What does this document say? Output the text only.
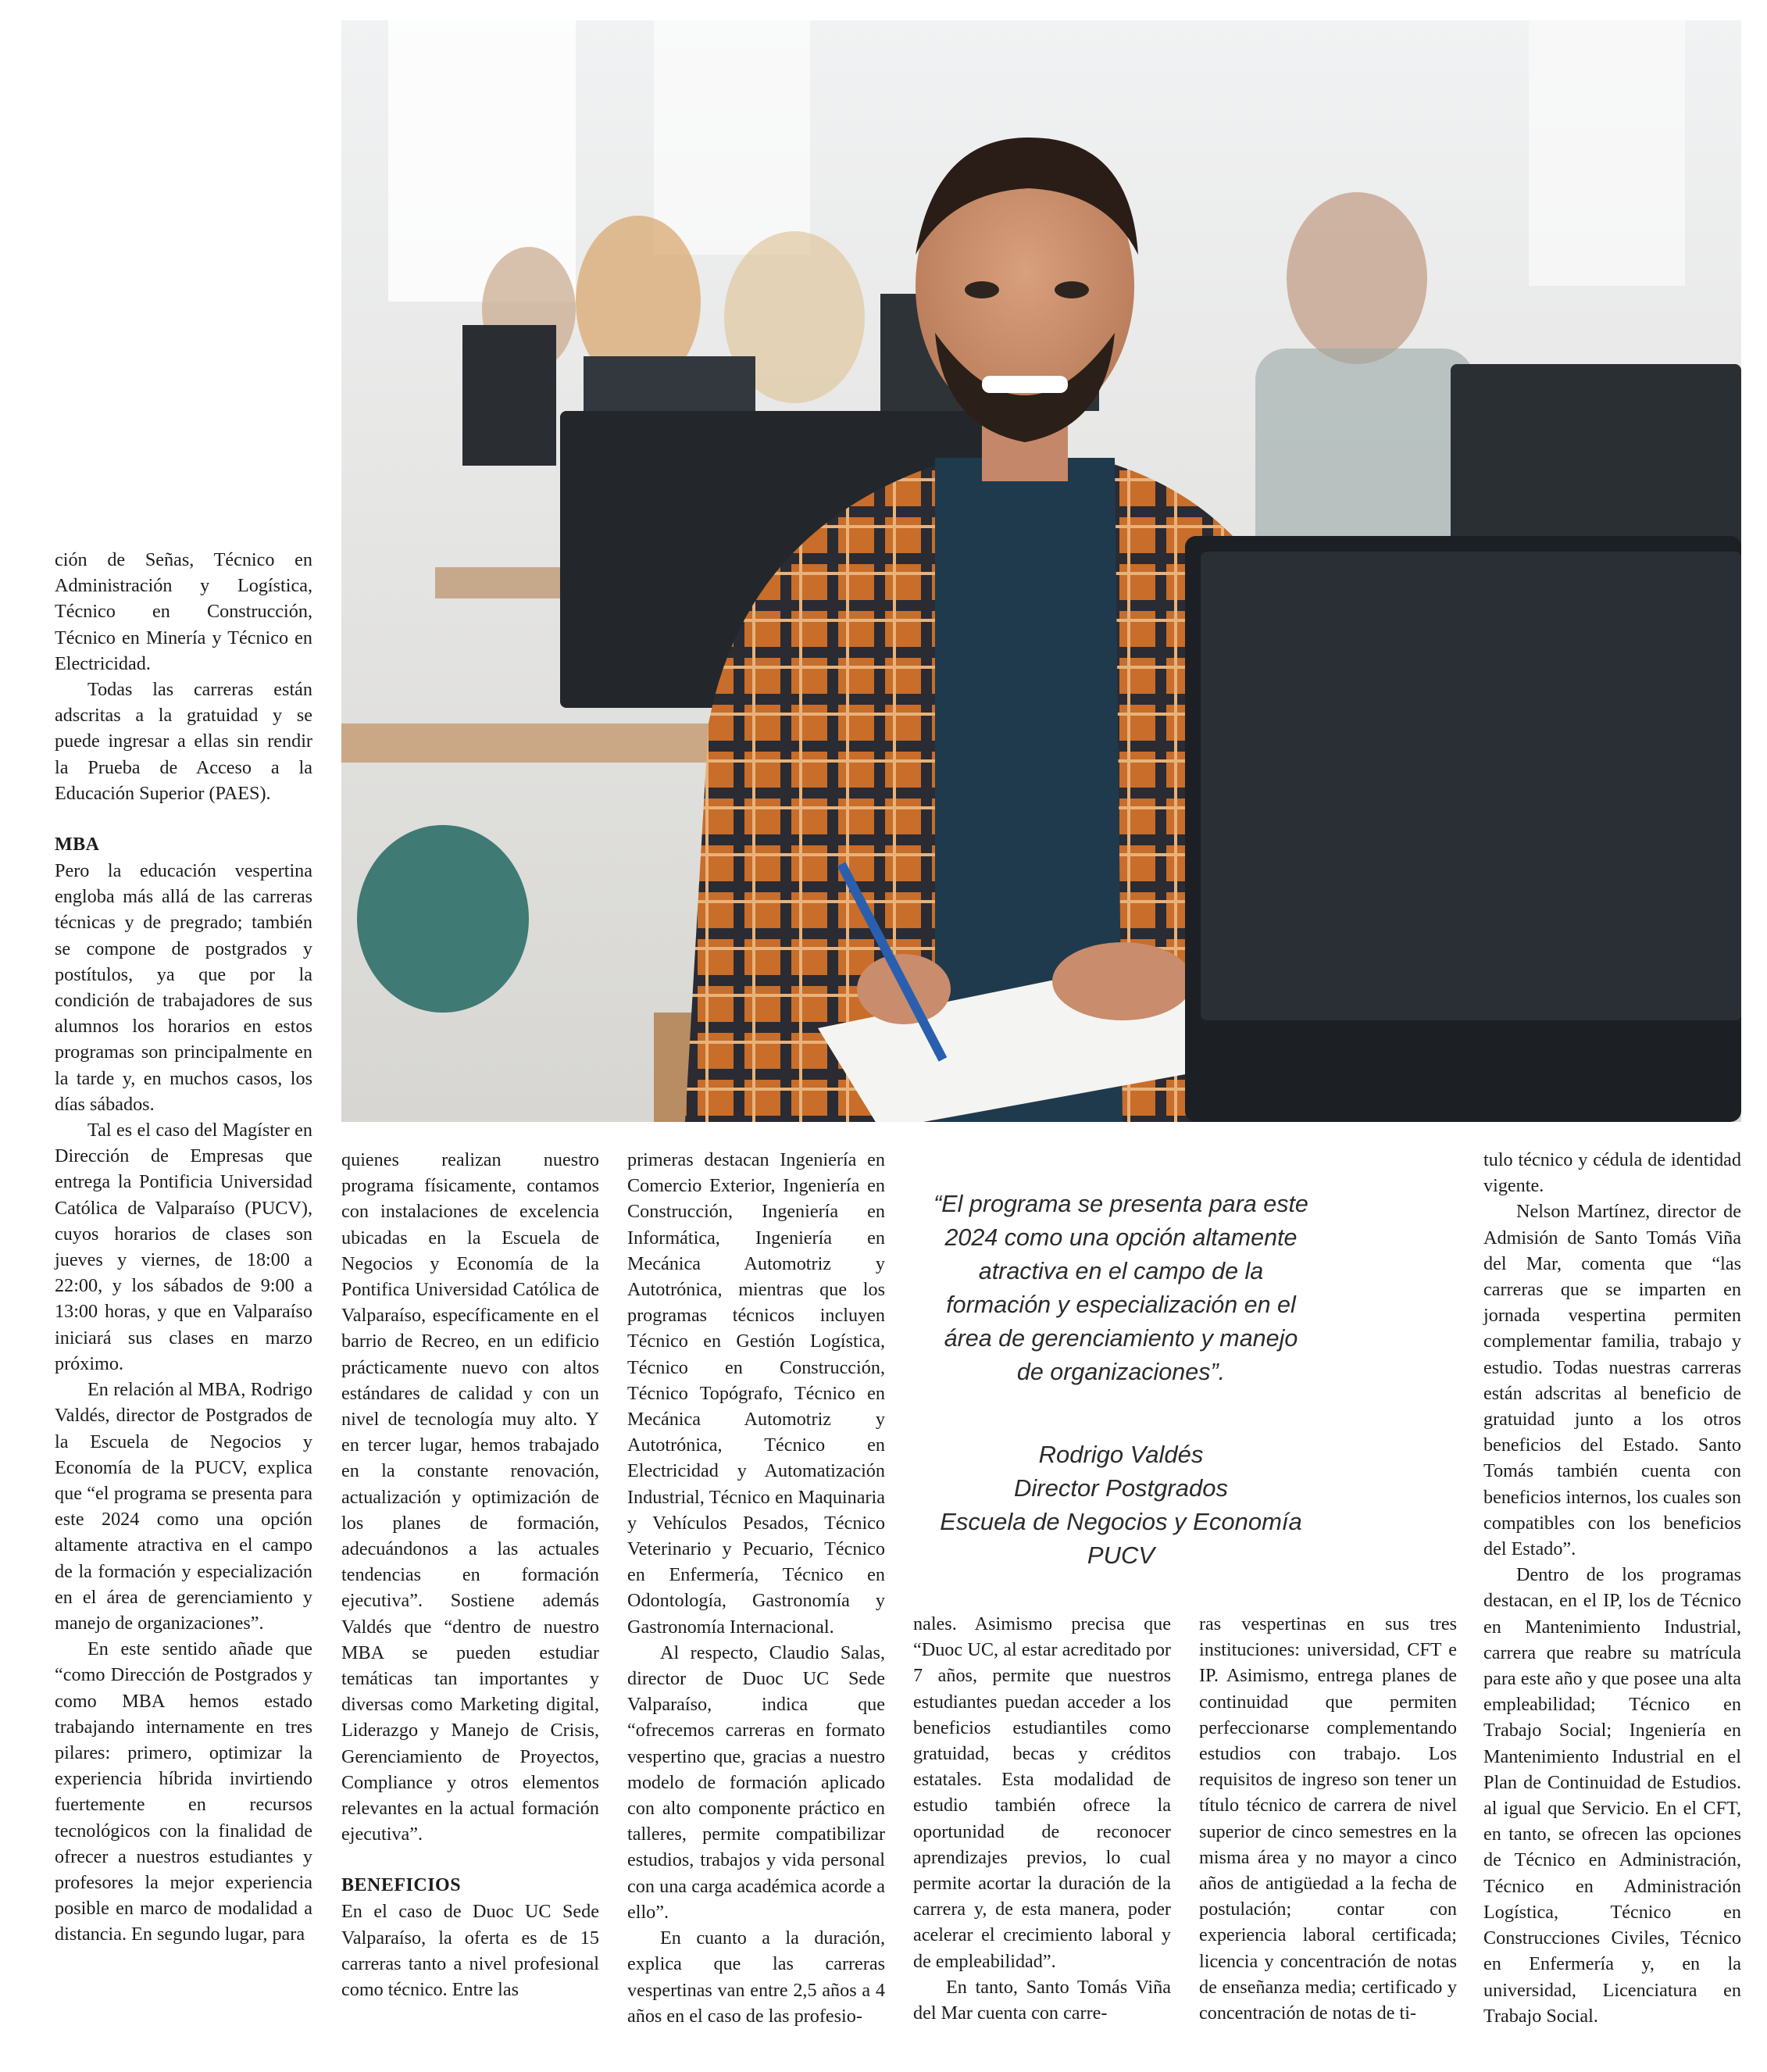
ción de Señas, Técnico en Administración y Logística, Técnico en Construcción, Técnico en Minería y Técnico en Electricidad.

Todas las carreras están adscritas a la gratuidad y se puede ingresar a ellas sin rendir la Prueba de Acceso a la Educación Superior (PAES).

MBA

Pero la educación vespertina engloba más allá de las carreras técnicas y de pregrado; también se compone de postgrados y postítulos, ya que por la condición de trabajadores de sus alumnos los horarios en estos programas son principalmente en la tarde y, en muchos casos, los días sábados.

Tal es el caso del Magíster en Dirección de Empresas que entrega la Pontificia Universidad Católica de Valparaíso (PUCV), cuyos horarios de clases son jueves y viernes, de 18:00 a 22:00, y los sábados de 9:00 a 13:00 horas, y que en Valparaíso iniciará sus clases en marzo próximo.

En relación al MBA, Rodrigo Valdés, director de Postgrados de la Escuela de Negocios y Economía de la PUCV, explica que “el programa se presenta para este 2024 como una opción altamente atractiva en el campo de la formación y especialización en el área de gerenciamiento y manejo de organizaciones”.

En este sentido añade que “como Dirección de Postgrados y como MBA hemos estado trabajando internamente en tres pilares: primero, optimizar la experiencia híbrida invirtiendo fuertemente en recursos tecnológicos con la finalidad de ofrecer a nuestros estudiantes y profesores la mejor experiencia posible en marco de modalidad a distancia. En segundo lugar, para

quienes realizan nuestro programa físicamente, contamos con instalaciones de excelencia ubicadas en la Escuela de Negocios y Economía de la Pontifica Universidad Católica de Valparaíso, específicamente en el barrio de Recreo, en un edificio prácticamente nuevo con altos estándares de calidad y con un nivel de tecnología muy alto. Y en tercer lugar, hemos trabajado en la constante renovación, actualización y optimización de los planes de formación, adecuándonos a las actuales tendencias en formación ejecutiva”. Sostiene además Valdés que “dentro de nuestro MBA se pueden estudiar temáticas tan importantes y diversas como Marketing digital, Liderazgo y Manejo de Crisis, Gerenciamiento de Proyectos, Compliance y otros elementos relevantes en la actual formación ejecutiva”.

BENEFICIOS

En el caso de Duoc UC Sede Valparaíso, la oferta es de 15 carreras tanto a nivel profesional como técnico. Entre las

primeras destacan Ingeniería en Comercio Exterior, Ingeniería en Construcción, Ingeniería en Informática, Ingeniería en Mecánica Automotriz y Autotrónica, mientras que los programas técnicos incluyen Técnico en Gestión Logística, Técnico en Construcción, Técnico Topógrafo, Técnico en Mecánica Automotriz y Autotrónica, Técnico en Electricidad y Automatización Industrial, Técnico en Maquinaria y Vehículos Pesados, Técnico Veterinario y Pecuario, Técnico en Enfermería, Técnico en Odontología, Gastronomía y Gastronomía Internacional.

Al respecto, Claudio Salas, director de Duoc UC Sede Valparaíso, indica que “ofrecemos carreras en formato vespertino que, gracias a nuestro modelo de formación aplicado con alto componente práctico en talleres, permite compatibilizar estudios, trabajos y vida personal con una carga académica acorde a ello”.

En cuanto a la duración, explica que las carreras vespertinas van entre 2,5 años a 4 años en el caso de las profesio-

“El programa se presenta para este 2024 como una opción altamente atractiva en el campo de la formación y especialización en el área de gerenciamiento y manejo de organizaciones”.

Rodrigo Valdés
Director Postgrados
Escuela de Negocios y Economía PUCV

nales. Asimismo precisa que “Duoc UC, al estar acreditado por 7 años, permite que nuestros estudiantes puedan acceder a los beneficios estudiantiles como gratuidad, becas y créditos estatales. Esta modalidad de estudio también ofrece la oportunidad de reconocer aprendizajes previos, lo cual permite acortar la duración de la carrera y, de esta manera, poder acelerar el crecimiento laboral y de empleabilidad”.

En tanto, Santo Tomás Viña del Mar cuenta con carre-

ras vespertinas en sus tres instituciones: universidad, CFT e IP. Asimismo, entrega planes de continuidad que permiten perfeccionarse complementando estudios con trabajo. Los requisitos de ingreso son tener un título técnico de carrera de nivel superior de cinco semestres en la misma área y no mayor a cinco años de antigüedad a la fecha de postulación; contar con experiencia laboral certificada; licencia y concentración de notas de enseñanza media; certificado y concentración de notas de ti-

tulo técnico y cédula de identidad vigente.

Nelson Martínez, director de Admisión de Santo Tomás Viña del Mar, comenta que “las carreras que se imparten en jornada vespertina permiten complementar familia, trabajo y estudio. Todas nuestras carreras están adscritas al beneficio de gratuidad junto a los otros beneficios del Estado. Santo Tomás también cuenta con beneficios internos, los cuales son compatibles con los beneficios del Estado”.

Dentro de los programas destacan, en el IP, los de Técnico en Mantenimiento Industrial, carrera que reabre su matrícula para este año y que posee una alta empleabilidad; Técnico en Trabajo Social; Ingeniería en Mantenimiento Industrial en el Plan de Continuidad de Estudios. al igual que Servicio. En el CFT, en tanto, se ofrecen las opciones de Técnico en Administración, Técnico en Administración Logística, Técnico en Construcciones Civiles, Técnico en Enfermería y, en la universidad, Licenciatura en Trabajo Social.
